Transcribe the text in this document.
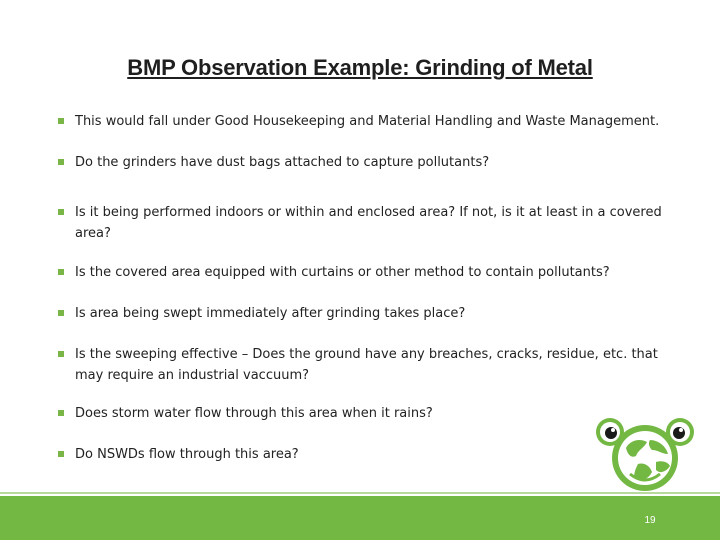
BMP Observation Example: Grinding of Metal
This would fall under Good Housekeeping and Material Handling and Waste Management.
Do the grinders have dust bags attached to capture pollutants?
Is it being performed indoors or within and enclosed area? If not, is it at least in a covered area?
Is the covered area equipped with curtains or other method to contain pollutants?
Is area being swept immediately after grinding takes place?
Is the sweeping effective – Does the ground have any breaches, cracks, residue, etc. that may require an industrial vaccuum?
Does storm water flow through this area when it rains?
Do NSWDs flow through this area?
19
